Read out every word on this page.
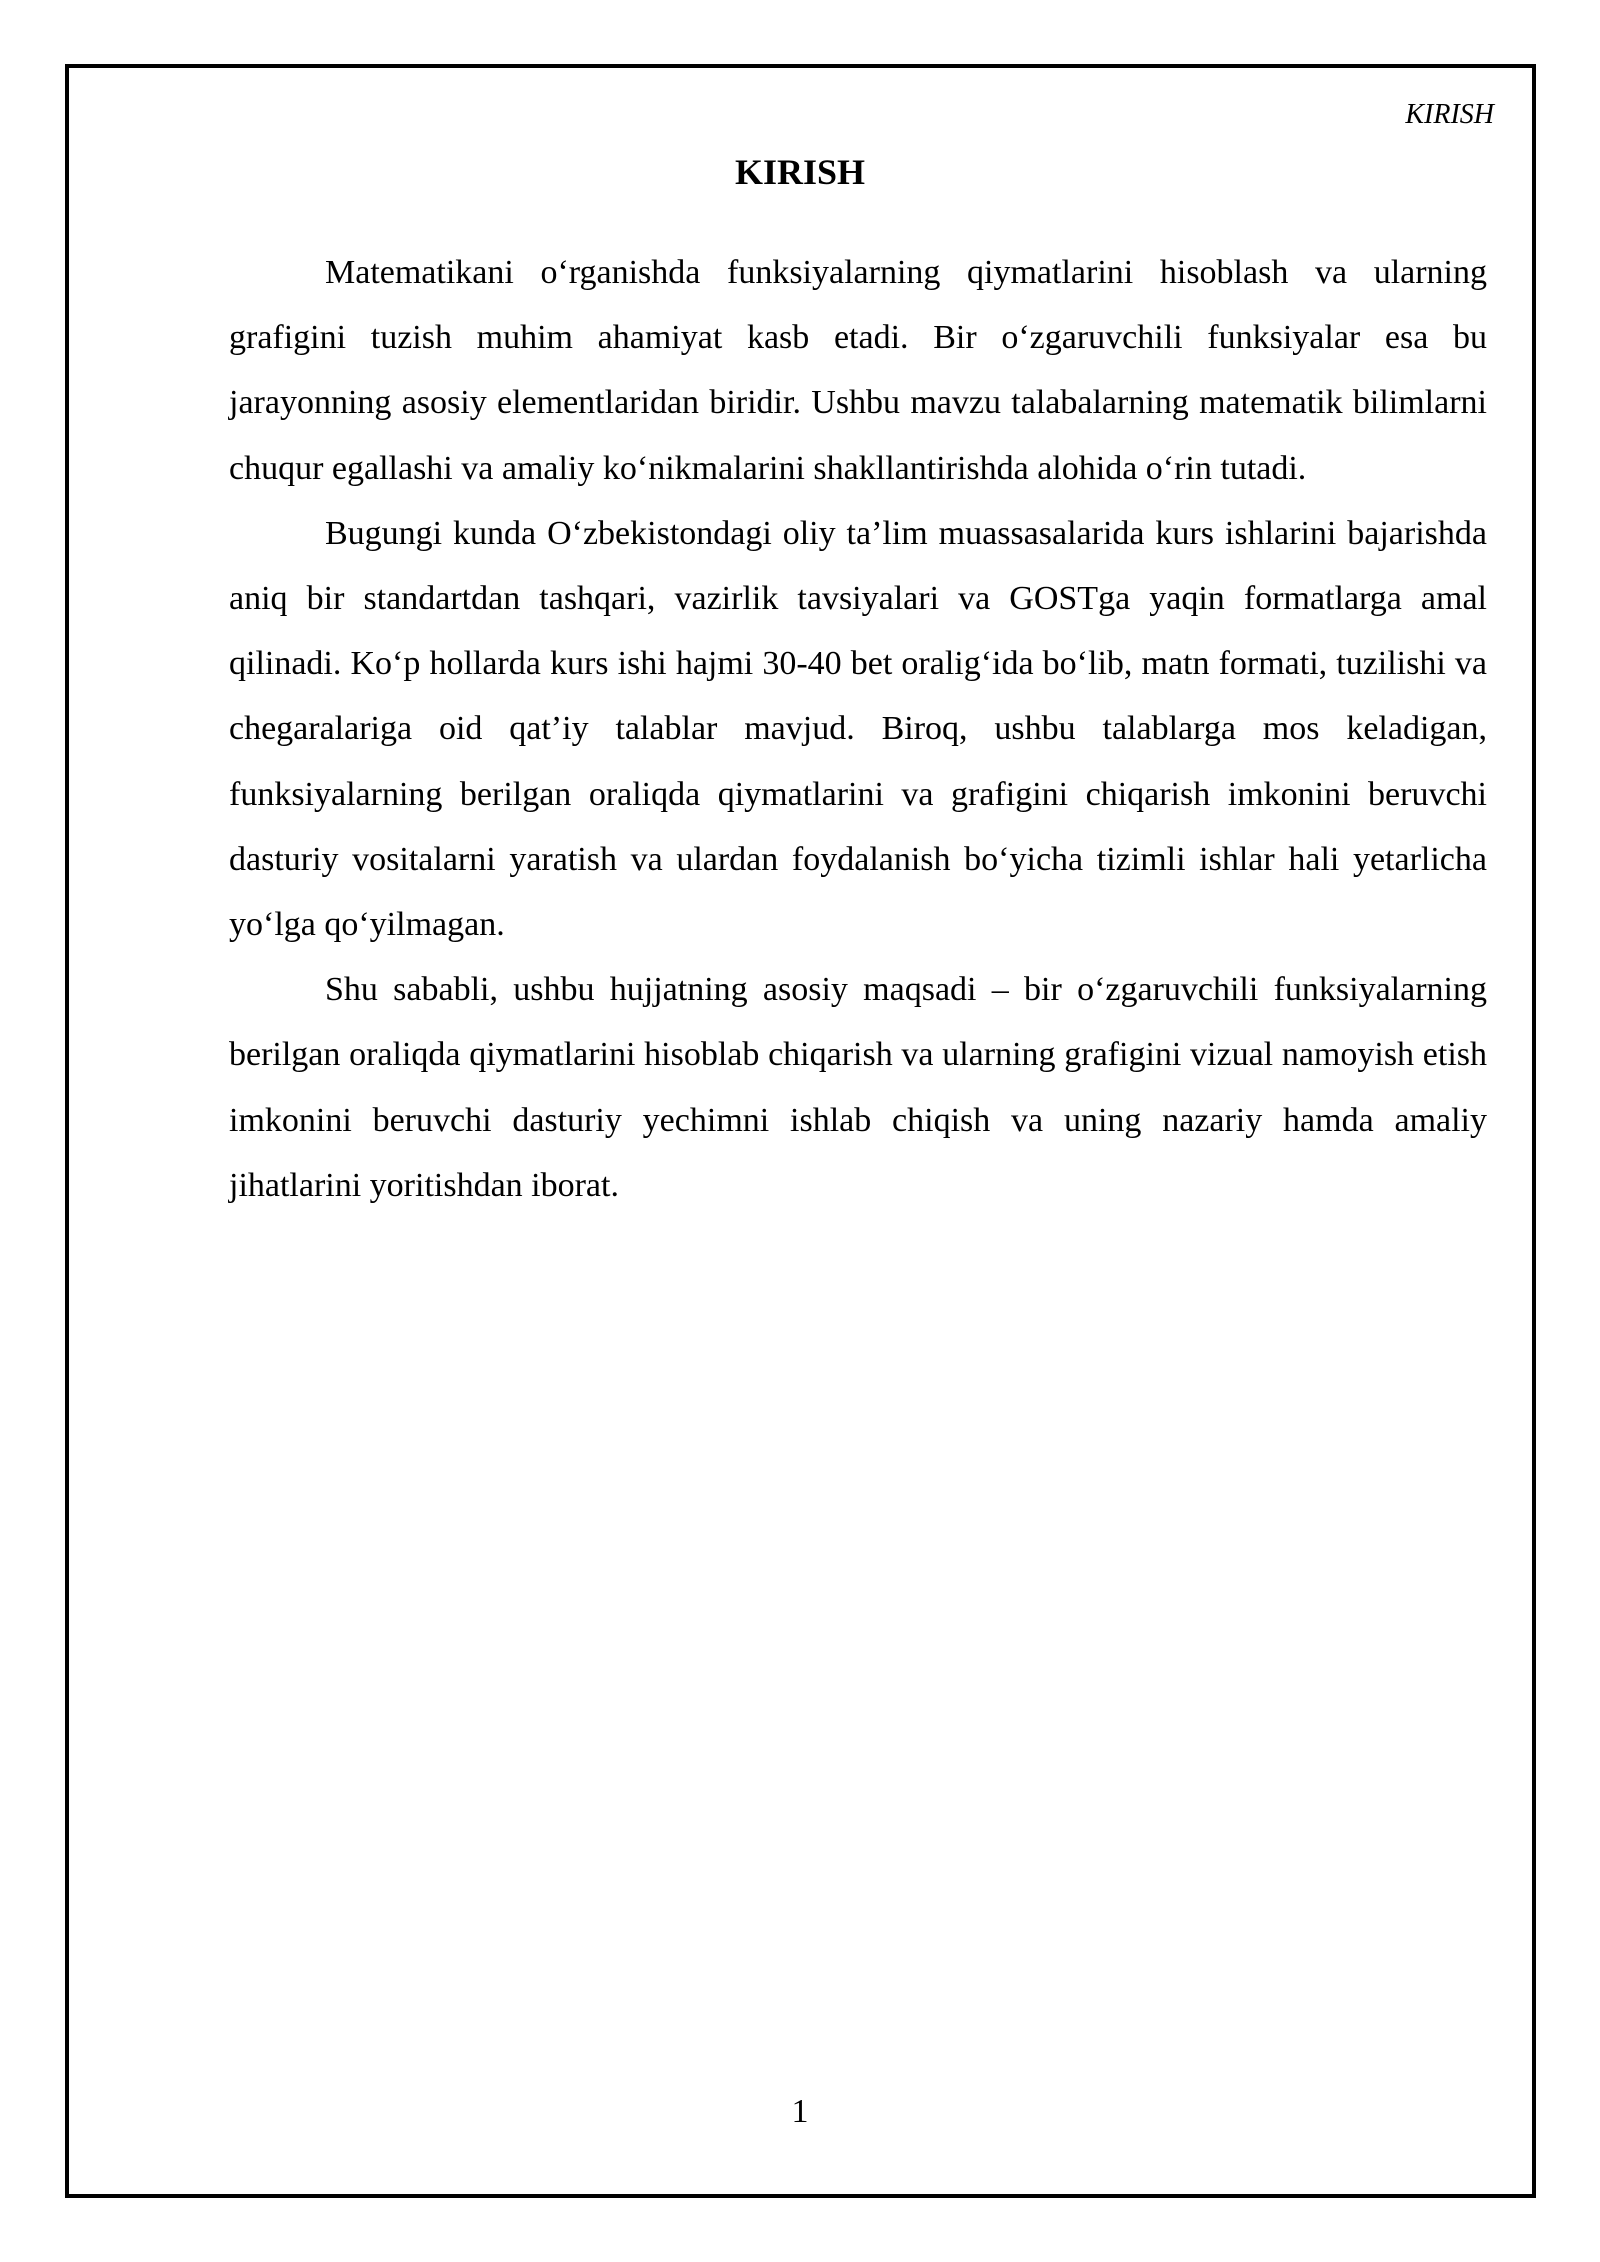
KIRISH
KIRISH

Matematikani o‘rganishda funksiyalarning qiymatlarini hisoblash va ularning grafigini tuzish muhim ahamiyat kasb etadi. Bir o‘zgaruvchili funksiyalar esa bu jarayonning asosiy elementlaridan biridir. Ushbu mavzu talabalarning matematik bilimlarni chuqur egallashi va amaliy ko‘nikmalarini shakllantirishda alohida o‘rin tutadi.

Bugungi kunda O‘zbekistondagi oliy ta’lim muassasalarida kurs ishlarini bajarishda aniq bir standartdan tashqari, vazirlik tavsiyalari va GOSTga yaqin formatlarga amal qilinadi. Ko‘p hollarda kurs ishi hajmi 30-40 bet oralig‘ida bo‘lib, matn formati, tuzilishi va chegaralariga oid qat’iy talablar mavjud. Biroq, ushbu talablarga mos keladigan, funksiyalarning berilgan oraliqda qiymatlarini va grafigini chiqarish imkonini beruvchi dasturiy vositalarni yaratish va ulardan foydalanish bo‘yicha tizimli ishlar hali yetarlicha yo‘lga qo‘yilmagan.

Shu sababli, ushbu hujjatning asosiy maqsadi – bir o‘zgaruvchili funksiyalarning berilgan oraliqda qiymatlarini hisoblab chiqarish va ularning grafigini vizual namoyish etish imkonini beruvchi dasturiy yechimni ishlab chiqish va uning nazariy hamda amaliy jihatlarini yoritishdan iborat.

1
